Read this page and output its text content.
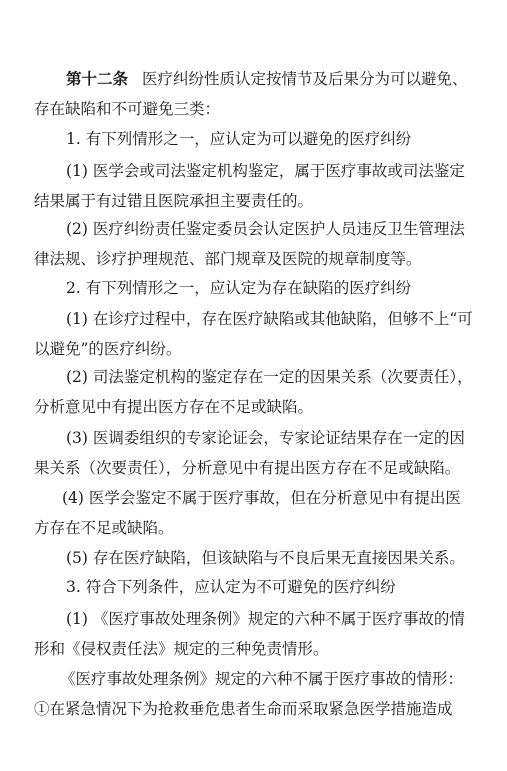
第十二条 医疗纠纷性质认定按情节及后果分为可以避免、
存在缺陷和不可避免三类：
1. 有下列情形之一，应认定为可以避免的医疗纠纷
(1) 医学会或司法鉴定机构鉴定，属于医疗事故或司法鉴定
结果属于有过错且医院承担主要责任的。
(2) 医疗纠纷责任鉴定委员会认定医护人员违反卫生管理法
律法规、诊疗护理规范、部门规章及医院的规章制度等。
2. 有下列情形之一，应认定为存在缺陷的医疗纠纷
(1) 在诊疗过程中，存在医疗缺陷或其他缺陷，但够不上“可
以避免”的医疗纠纷。
(2) 司法鉴定机构的鉴定存在一定的因果关系（次要责任），
分析意见中有提出医方存在不足或缺陷。
(3) 医调委组织的专家论证会，专家论证结果存在一定的因
果关系（次要责任），分析意见中有提出医方存在不足或缺陷。
(4) 医学会鉴定不属于医疗事故，但在分析意见中有提出医
方存在不足或缺陷。
(5) 存在医疗缺陷，但该缺陷与不良后果无直接因果关系。
3. 符合下列条件，应认定为不可避免的医疗纠纷
(1) 《医疗事故处理条例》规定的六种不属于医疗事故的情
形和《侵权责任法》规定的三种免责情形。
《医疗事故处理条例》规定的六种不属于医疗事故的情形：
①在紧急情况下为抢救垂危患者生命而采取紧急医学措施造成
